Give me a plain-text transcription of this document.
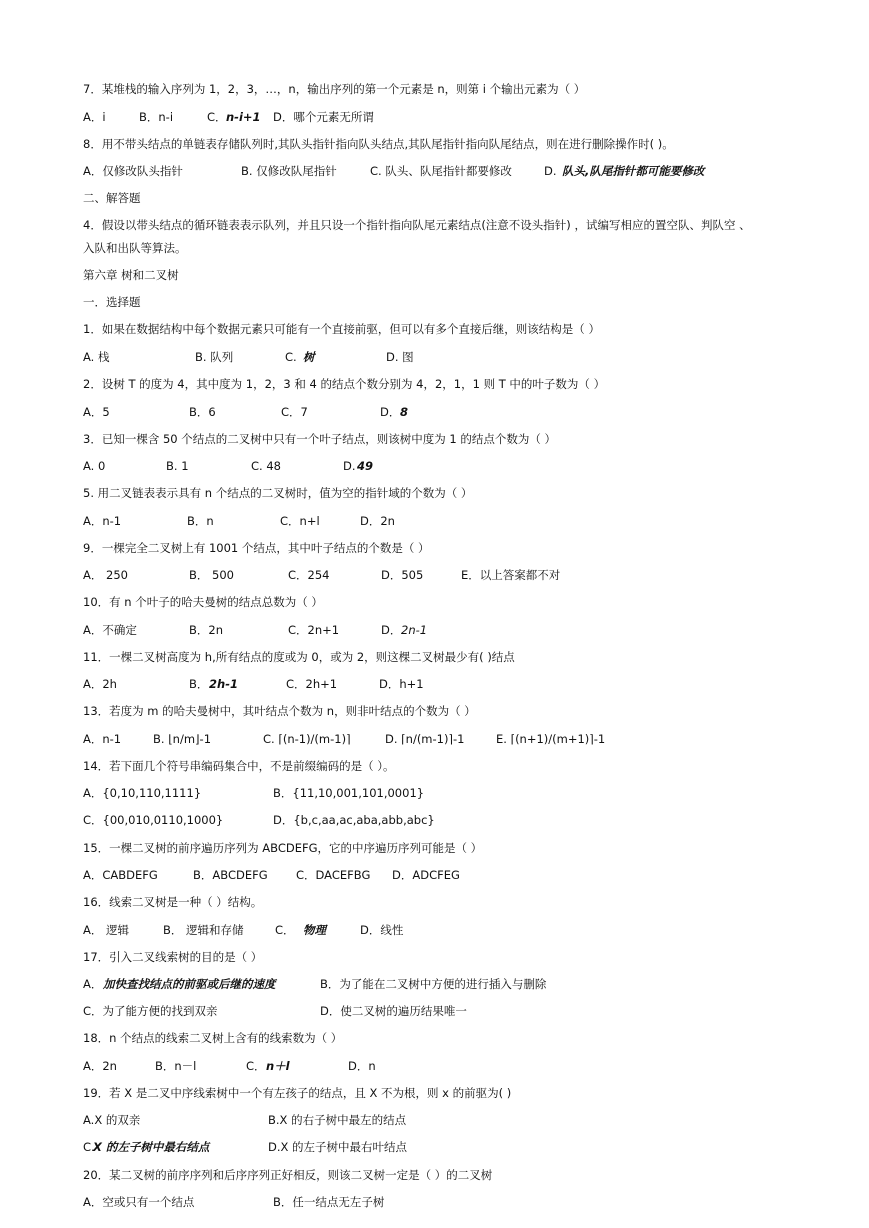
7．某堆栈的输入序列为 1，2，3，…，n，输出序列的第一个元素是 n，则第 i 个输出元素为（ ）
A．i	B．n-i	C． n-i+1 D．哪个元素无所谓
8．用不带头结点的单链表存储队列时,其队头指针指向队头结点,其队尾指针指向队尾结点，则在进行删除操作时( )。
A．仅修改队头指针	B. 仅修改队尾指针	C. 队头、队尾指针都要修改	D. 队头,队尾指针都可能要修改
二、解答题
4．假设以带头结点的循环链表表示队列，并且只设一个指针指向队尾元素结点(注意不设头指针) ，试编写相应的置空队、判队空 、
入队和出队等算法。
第六章 树和二叉树
一．选择题
1．如果在数据结构中每个数据元素只可能有一个直接前驱，但可以有多个直接后继，则该结构是（ ）
A. 栈	B. 队列	C. 树	D. 图
2．设树 T 的度为 4，其中度为 1，2，3 和 4 的结点个数分别为 4，2，1，1 则 T 中的叶子数为（ ）
A．5	B．6	C．7	D． 8
3．已知一棵含 50 个结点的二叉树中只有一个叶子结点，则该树中度为 1 的结点个数为（ ）
A. 0	B. 1	C. 48	D. 49
5. 用二叉链表表示具有 n 个结点的二叉树时，值为空的指针域的个数为（ ）
A．n-1	B．n	C．n+l	D．2n
9．一棵完全二叉树上有 1001 个结点，其中叶子结点的个数是（ ）
A． 250	B． 500	C．254	D．505	E．以上答案都不对
10．有 n 个叶子的哈夫曼树的结点总数为（ ）
A．不确定	B．2n	C．2n+1	D． 2n-1
11．一棵二叉树高度为 h,所有结点的度或为 0，或为 2，则这棵二叉树最少有( )结点
A．2h	B． 2h-1	C．2h+1	D．h+1
13．若度为 m 的哈夫曼树中，其叶结点个数为 n，则非叶结点的个数为（ ）
A．n-1	B. ⌊n/m⌋-1	C. ⌈(n-1)/(m-1)⌉	D. ⌈n/(m-1)⌉-1	E. ⌈(n+1)/(m+1)⌉-1
14．若下面几个符号串编码集合中，不是前缀编码的是（ ）。
A．{0,10,110,1111}	B．{11,10,001,101,0001}
C．{00,010,0110,1000}	D．{b,c,aa,ac,aba,abb,abc}
15．一棵二叉树的前序遍历序列为 ABCDEFG，它的中序遍历序列可能是（ ）
A．CABDEFG	B．ABCDEFG C．DACEFBG D．ADCFEG
16．线索二叉树是一种（ ）结构。
A． 逻辑	B． 逻辑和存储	C． 物理	D．线性
17．引入二叉线索树的目的是（ ）
A． 加快查找结点的前驱或后继的速度	B．为了能在二叉树中方便的进行插入与删除
C．为了能方便的找到双亲	D．使二叉树的遍历结果唯一
18．n 个结点的线索二叉树上含有的线索数为（ ）
A．2n	B．n－l	C． n＋l	D．n
19．若 X 是二叉中序线索树中一个有左孩子的结点，且 X 不为根，则 x 的前驱为( )
A.X 的双亲	B.X 的右子树中最左的结点
C.
X 的左子树中最右结点	D.X 的左子树中最右叶结点
20．某二叉树的前序序列和后序序列正好相反，则该二叉树一定是（ ）的二叉树
A．空或只有一个结点	B．任一结点无左子树
